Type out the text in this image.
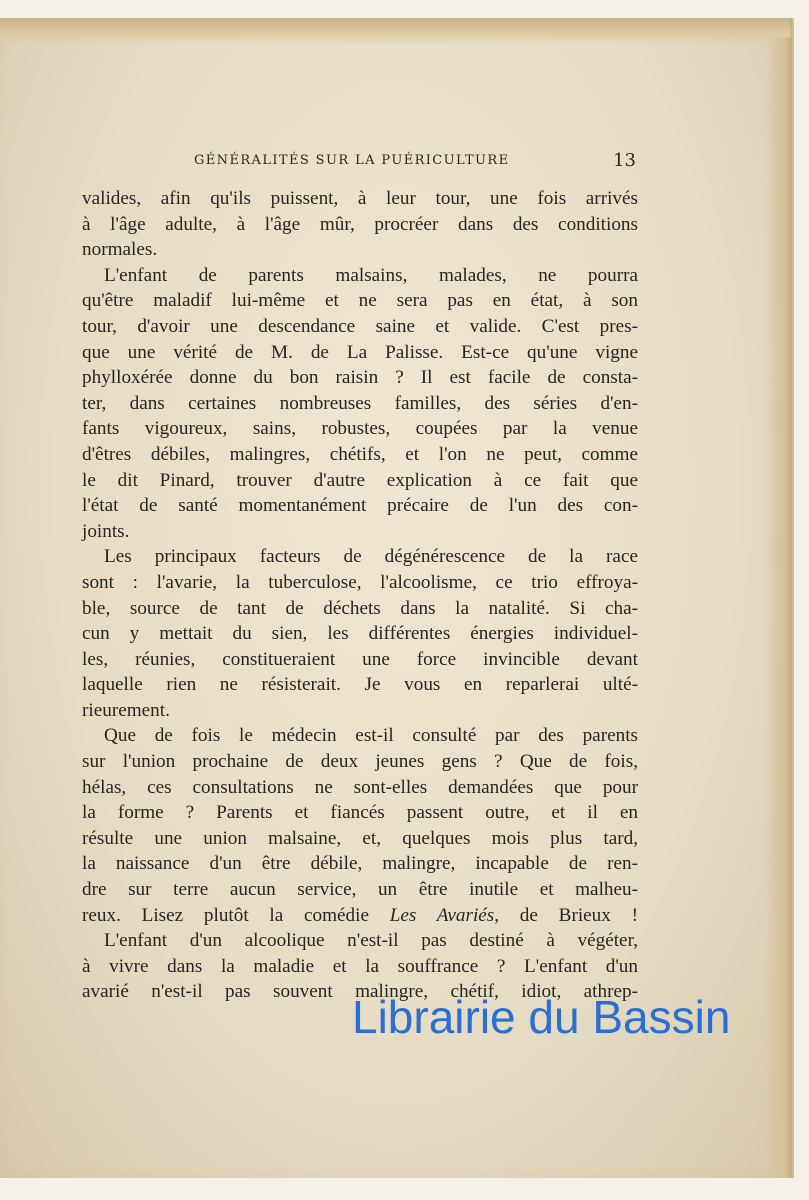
GÉNÉRALITÉS SUR LA PUÉRICULTURE	13
valides, afin qu'ils puissent, à leur tour, une fois arrivés
à l'âge adulte, à l'âge mûr, procréer dans des conditions
normales.
L'enfant de parents malsains, malades, ne pourra
qu'être maladif lui-même et ne sera pas en état, à son
tour, d'avoir une descendance saine et valide. C'est pres-
que une vérité de M. de La Palisse. Est-ce qu'une vigne
phylloxérée donne du bon raisin ? Il est facile de consta-
ter, dans certaines nombreuses familles, des séries d'en-
fants vigoureux, sains, robustes, coupées par la venue
d'êtres débiles, malingres, chétifs, et l'on ne peut, comme
le dit Pinard, trouver d'autre explication à ce fait que
l'état de santé momentanément précaire de l'un des con-
joints.
Les principaux facteurs de dégénérescence de la race
sont : l'avarie, la tuberculose, l'alcoolisme, ce trio effroya-
ble, source de tant de déchets dans la natalité. Si cha-
cun y mettait du sien, les différentes énergies individuel-
les, réunies, constitueraient une force invincible devant
laquelle rien ne résisterait. Je vous en reparlerai ulté-
rieurement.
Que de fois le médecin est-il consulté par des parents
sur l'union prochaine de deux jeunes gens ? Que de fois,
hélas, ces consultations ne sont-elles demandées que pour
la forme ? Parents et fiancés passent outre, et il en
résulte une union malsaine, et, quelques mois plus tard,
la naissance d'un être débile, malingre, incapable de ren-
dre sur terre aucun service, un être inutile et malheu-
reux. Lisez plutôt la comédie Les Avariés, de Brieux !
L'enfant d'un alcoolique n'est-il pas destiné à végéter,
à vivre dans la maladie et la souffrance ? L'enfant d'un
avarié n'est-il pas souvent malingre, chétif, idiot, athrep-
Librairie du Bassin
